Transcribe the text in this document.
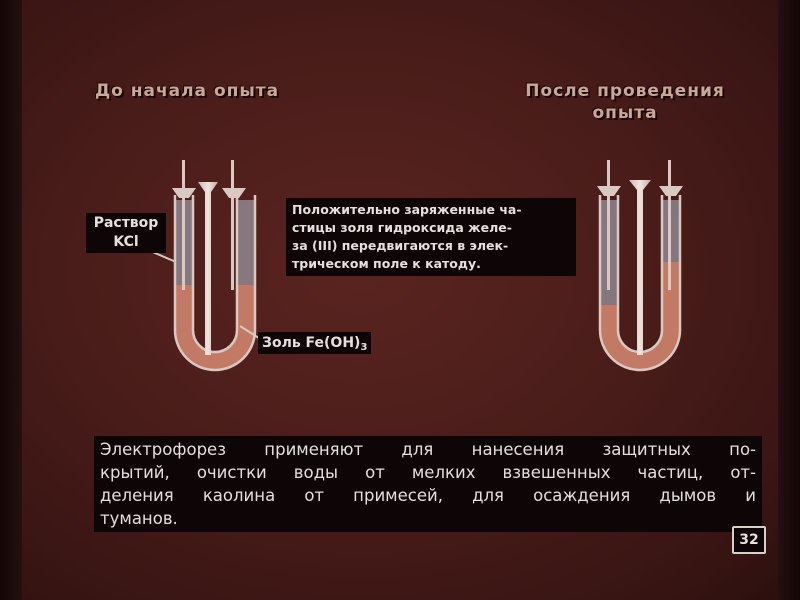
До начала опыта	После проведения
опыта
Раствор
KCl
Золь $Fe(OH)_3$
Положительно заряженные ча-
стицы золя гидроксида желе-
за (III) передвигаются в элек-
трическом поле к катоду.
Электрофорез применяют для нанесения защитных по-
крытий, очистки воды от мелких взвешенных частиц, от-
деления каолина от примесей, для осаждения дымов и
туманов.
32
